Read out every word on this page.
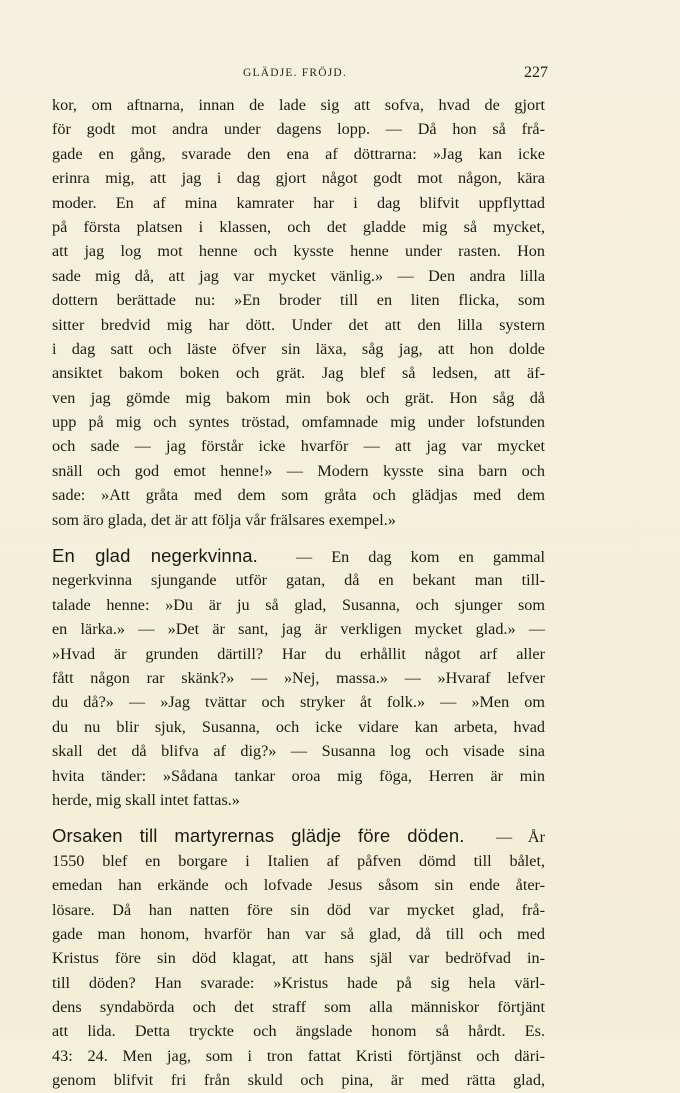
GLÄDJE. FRÖJD.	227
kor, om aftnarna, innan de lade sig att sofva, hvad de gjort
för godt mot andra under dagens lopp. — Då hon så frå-
gade en gång, svarade den ena af döttrarna: »Jag kan icke
erinra mig, att jag i dag gjort något godt mot någon, kära
moder. En af mina kamrater har i dag blifvit uppflyttad
på första platsen i klassen, och det gladde mig så mycket,
att jag log mot henne och kysste henne under rasten. Hon
sade mig då, att jag var mycket vänlig.» — Den andra lilla
dottern berättade nu: »En broder till en liten flicka, som
sitter bredvid mig har dött. Under det att den lilla systern
i dag satt och läste öfver sin läxa, såg jag, att hon dolde
ansiktet bakom boken och grät. Jag blef så ledsen, att äf-
ven jag gömde mig bakom min bok och grät. Hon såg då
upp på mig och syntes tröstad, omfamnade mig under lofstunden
och sade — jag förstår icke hvarför — att jag var mycket
snäll och god emot henne!» — Modern kysste sina barn och
sade: »Att gråta med dem som gråta och glädjas med dem
som äro glada, det är att följa vår frälsares exempel.»
En glad negerkvinna. — En dag kom en gammal
negerkvinna sjungande utför gatan, då en bekant man till-
talade henne: »Du är ju så glad, Susanna, och sjunger som
en lärka.» — »Det är sant, jag är verkligen mycket glad.» —
»Hvad är grunden därtill? Har du erhållit något arf aller
fått någon rar skänk?» — »Nej, massa.» — »Hvaraf lefver
du då?» — »Jag tvättar och stryker åt folk.» — »Men om
du nu blir sjuk, Susanna, och icke vidare kan arbeta, hvad
skall det då blifva af dig?» — Susanna log och visade sina
hvita tänder: »Sådana tankar oroa mig föga, Herren är min
herde, mig skall intet fattas.»
Orsaken till martyrernas glädje före döden. — År
1550 blef en borgare i Italien af påfven dömd till bålet,
emedan han erkände och lofvade Jesus såsom sin ende åter-
lösare. Då han natten före sin död var mycket glad, frå-
gade man honom, hvarför han var så glad, då till och med
Kristus före sin död klagat, att hans själ var bedröfvad in-
till döden? Han svarade: »Kristus hade på sig hela värl-
dens syndabörda och det straff som alla människor förtjänt
att lida. Detta tryckte och ängslade honom så hårdt. Es.
43: 24. Men jag, som i tron fattat Kristi förtjänst och däri-
genom blifvit fri från skuld och pina, är med rätta glad,
